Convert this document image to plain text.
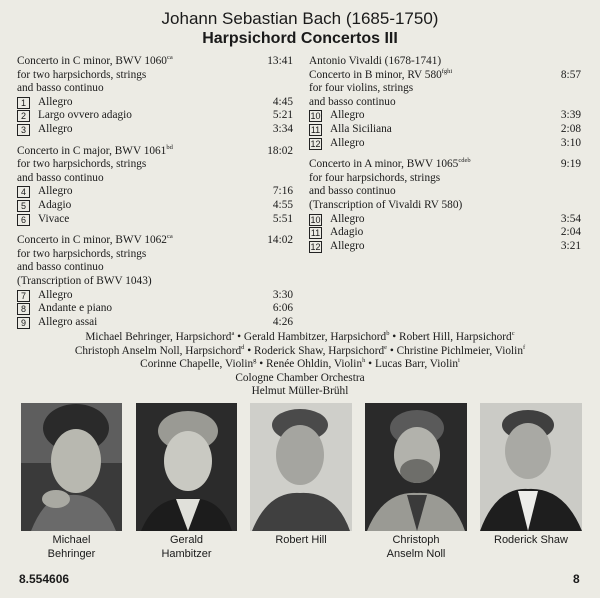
Johann Sebastian Bach (1685-1750)
Harpsichord Concertos III
Concerto in C minor, BWV $1060^{ca}$	13:41
for two harpsichords, strings
and basso continuo
1	Allegro	4:45
2	Largo ovvero adagio	5:21
3	Allegro	3:34
Concerto in C major, BWV $1061^{bd}$	18:02
for two harpsichords, strings
and basso continuo
4	Allegro	7:16
5	Adagio	4:55
6	Vivace	5:51
Concerto in C minor, BWV $1062^{ca}$	14:02
for two harpsichords, strings
and basso continuo
(Transcription of BWV 1043)
7	Allegro	3:30
8	Andante e piano	6:06
9	Allegro assai	4:26
Antonio Vivaldi (1678-1741)
Concerto in B minor, RV $580^{fghi}$	8:57
for four violins, strings
and basso continuo
10 Allegro	3:39
11 Alla Siciliana	2:08
12 Allegro	3:10
Concerto in A minor, BWV $1065^{cdeb}$	9:19
for four harpsichords, strings
and basso continuo
(Transcription of Vivaldi RV 580)
10 Allegro	3:54
11 Adagio	2:04
12 Allegro	3:21
Michael Behringer, Harpsichord$^a$ • Gerald Hambitzer, Harpsichord$^b$ • Robert Hill, Harpsichord$^c$
Christoph Anselm Noll, Harpsichord$^d$ • Roderick Shaw, Harpsichord$^e$ • Christine Pichlmeier, Violin$^f$
Corinne Chapelle, Violin$^g$ • Renée Ohldin, Violin$^h$ • Lucas Barr, Violin$^i$
Cologne Chamber Orchestra
Helmut Müller-Brühl
Michael
Behringer
Gerald
Hambitzer
Robert Hill	Christoph
Anselm Noll
Roderick Shaw
8.554606	8
